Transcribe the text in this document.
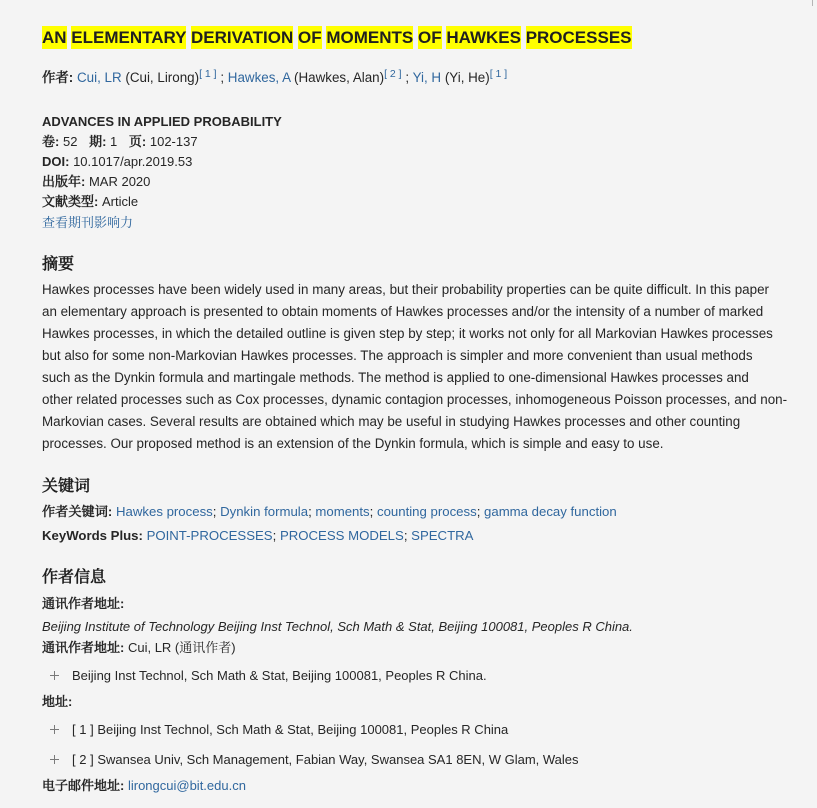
AN ELEMENTARY DERIVATION OF MOMENTS OF HAWKES PROCESSES
作者: Cui, LR (Cui, Lirong)[ 1 ] ; Hawkes, A (Hawkes, Alan)[ 2 ] ; Yi, H (Yi, He)[ 1 ]
ADVANCES IN APPLIED PROBABILITY
卷: 52 期: 1 页: 102-137
DOI: 10.1017/apr.2019.53
出版年: MAR 2020
文献类型: Article
查看期刊影响力
摘要
Hawkes processes have been widely used in many areas, but their probability properties can be quite difficult. In this paper
an elementary approach is presented to obtain moments of Hawkes processes and/or the intensity of a number of marked
Hawkes processes, in which the detailed outline is given step by step; it works not only for all Markovian Hawkes processes
but also for some non-Markovian Hawkes processes. The approach is simpler and more convenient than usual methods
such as the Dynkin formula and martingale methods. The method is applied to one-dimensional Hawkes processes and
other related processes such as Cox processes, dynamic contagion processes, inhomogeneous Poisson processes, and non-
Markovian cases. Several results are obtained which may be useful in studying Hawkes processes and other counting
processes. Our proposed method is an extension of the Dynkin formula, which is simple and easy to use.
关键词
作者关键词: Hawkes process; Dynkin formula; moments; counting process; gamma decay function
KeyWords Plus: POINT-PROCESSES; PROCESS MODELS; SPECTRA
作者信息
通讯作者地址:
Beijing Institute of Technology Beijing Inst Technol, Sch Math & Stat, Beijing 100081, Peoples R China.
通讯作者地址: Cui, LR (通讯作者)
Beijing Inst Technol, Sch Math & Stat, Beijing 100081, Peoples R China.
地址:
[ 1 ] Beijing Inst Technol, Sch Math & Stat, Beijing 100081, Peoples R China
[ 2 ] Swansea Univ, Sch Management, Fabian Way, Swansea SA1 8EN, W Glam, Wales
电子邮件地址: lirongcui@bit.edu.cn
